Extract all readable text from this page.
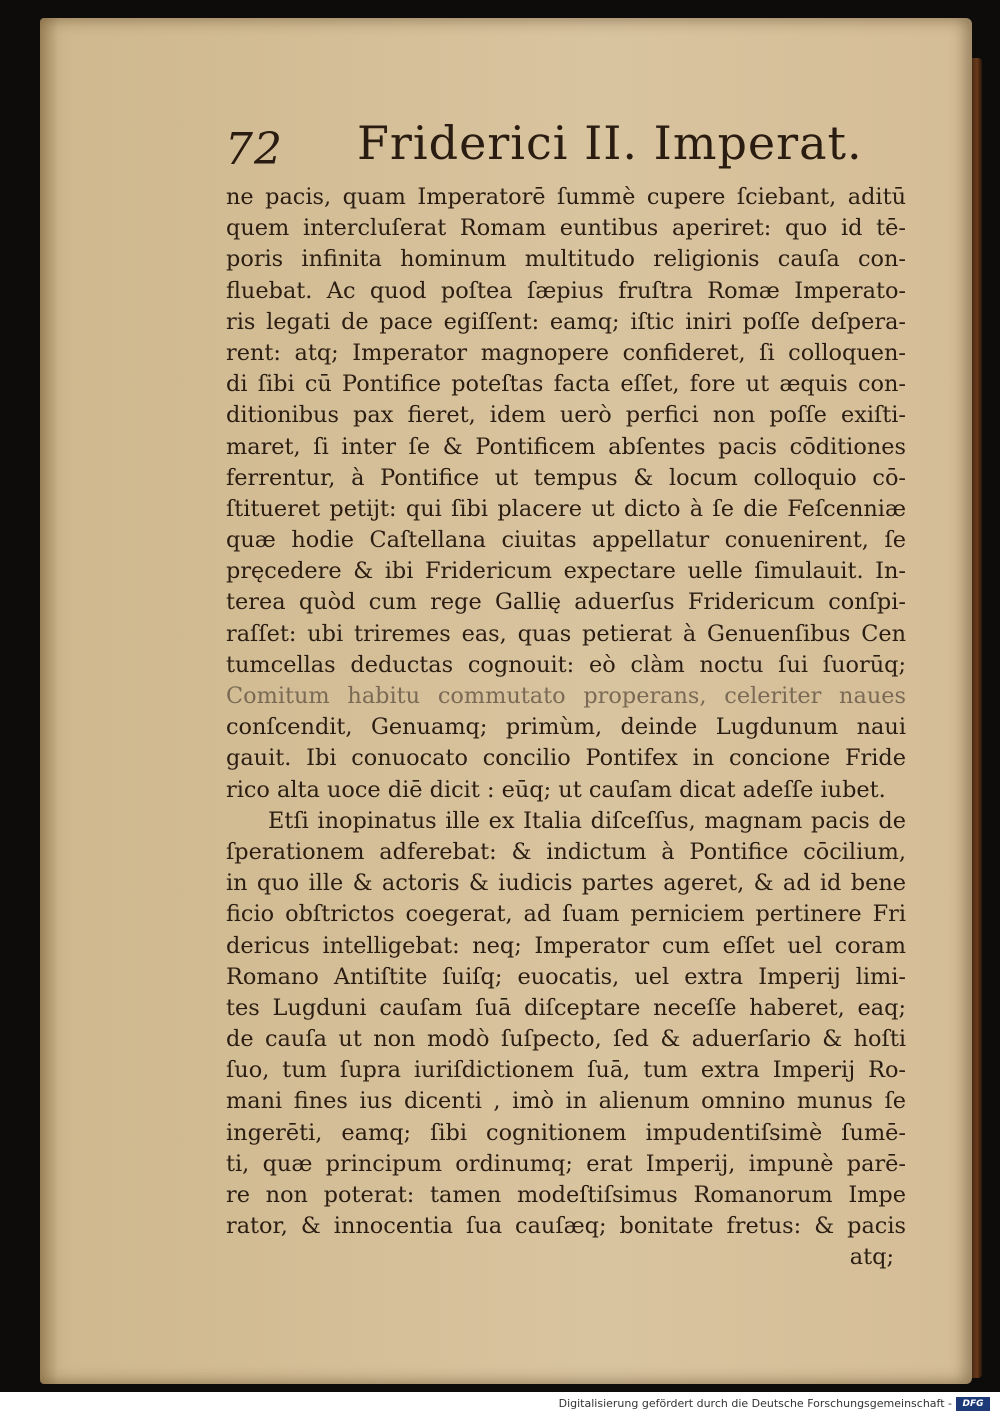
72 Friderici II. Imperat.
ne pacis, quam Imperatorē ſummè cupere ſciebant, aditū
quem intercluſerat Romam euntibus aperiret: quo id tē-
poris infinita hominum multitudo religionis cauſa con-
fluebat. Ac quod poſtea ſæpius fruſtra Romæ Imperato-
ris legati de pace egiſſent: eamq; iſtic iniri poſſe deſpera-
rent: atq; Imperator magnopere confideret, ſi colloquen-
di ſibi cū Pontifice poteſtas facta eſſet, fore ut æquis con-
ditionibus pax fieret, idem uerò perfici non poſſe exiſti-
maret, ſi inter ſe & Pontificem abſentes pacis cōditiones
ferrentur, à Pontifice ut tempus & locum colloquio cō-
ſtitueret petijt: qui ſibi placere ut dicto à ſe die Feſcenniæ
quæ hodie Caſtellana ciuitas appellatur conuenirent, ſe
pręcedere & ibi Fridericum expectare uelle ſimulauit. In-
terea quòd cum rege Gallię aduerſus Fridericum conſpi-
raſſet: ubi triremes eas, quas petierat à Genuenſibus Cen
tumcellas deductas cognouit: eò clàm noctu ſui ſuorūq;
Comitum habitu commutato properans, celeriter naues
conſcendit, Genuamq; primùm, deinde Lugdunum naui
gauit. Ibi conuocato concilio Pontifex in concione Fride
rico alta uoce diē dicit : eūq; ut cauſam dicat adeſſe iubet.
Etſi inopinatus ille ex Italia diſceſſus, magnam pacis de
ſperationem adferebat: & indictum à Pontifice cōcilium,
in quo ille & actoris & iudicis partes ageret, & ad id bene
ficio obſtrictos coegerat, ad ſuam perniciem pertinere Fri
dericus intelligebat: neq; Imperator cum eſſet uel coram
Romano Antiſtite ſuiſq; euocatis, uel extra Imperij limi-
tes Lugduni cauſam ſuā diſceptare neceſſe haberet, eaq;
de cauſa ut non modò ſuſpecto, ſed & aduerſario & hoſti
ſuo, tum ſupra iuriſdictionem ſuā, tum extra Imperij Ro-
mani fines ius dicenti , imò in alienum omnino munus ſe
ingerēti, eamq; ſibi cognitionem impudentiſsimè ſumē-
ti, quæ principum ordinumq; erat Imperij, impunè parē-
re non poterat: tamen modeſtiſsimus Romanorum Impe
rator, & innocentia ſua cauſæq; bonitate fretus: & pacis
atq;
Digitalisierung gefördert durch die Deutsche Forschungsgemeinschaft -	DFG
